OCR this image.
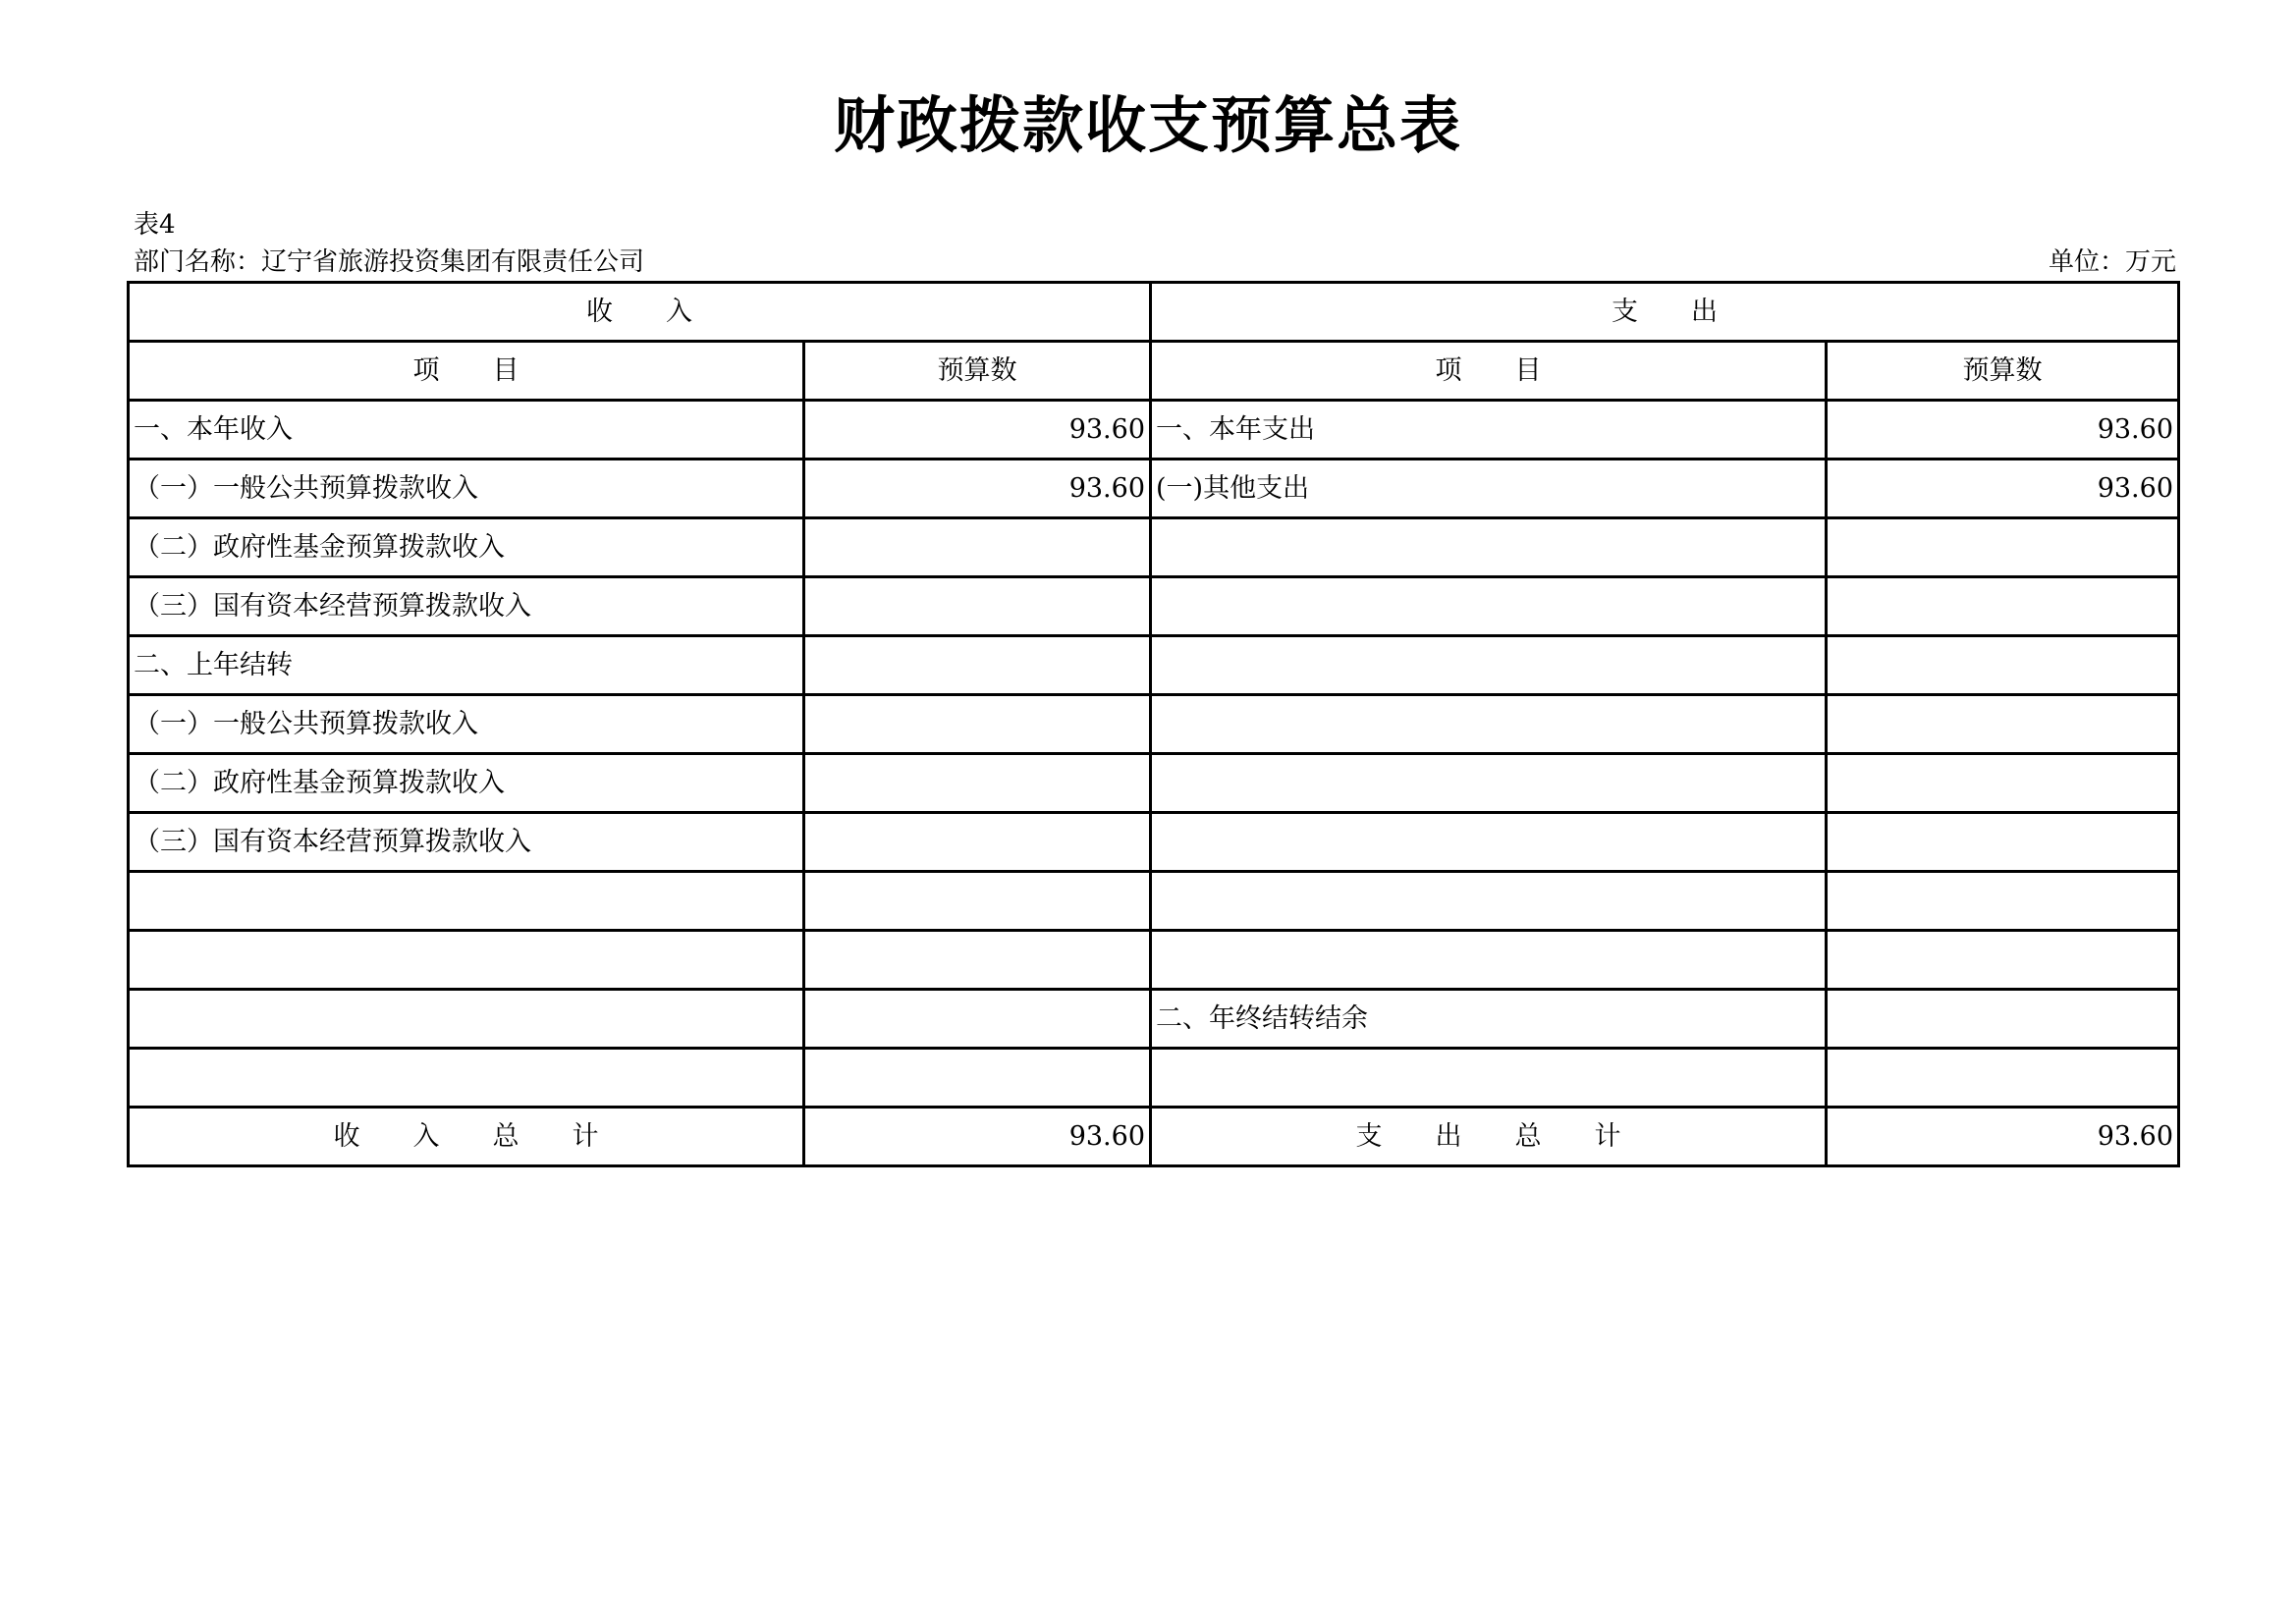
财政拨款收支预算总表
表4
部门名称：辽宁省旅游投资集团有限责任公司	单位：万元
收　　入		支　　出	
项　　目	预算数	项　　目	预算数
一、本年收入	93.60	一、本年支出	93.60
（一）一般公共预算拨款收入	93.60	(一)其他支出	93.60
（二）政府性基金预算拨款收入			
（三）国有资本经营预算拨款收入			
二、上年结转			
（一）一般公共预算拨款收入			
（二）政府性基金预算拨款收入			
（三）国有资本经营预算拨款收入			

		二、年终结转结余	

收　　入　　总　　计	93.60	支　　出　　总　　计	93.60
